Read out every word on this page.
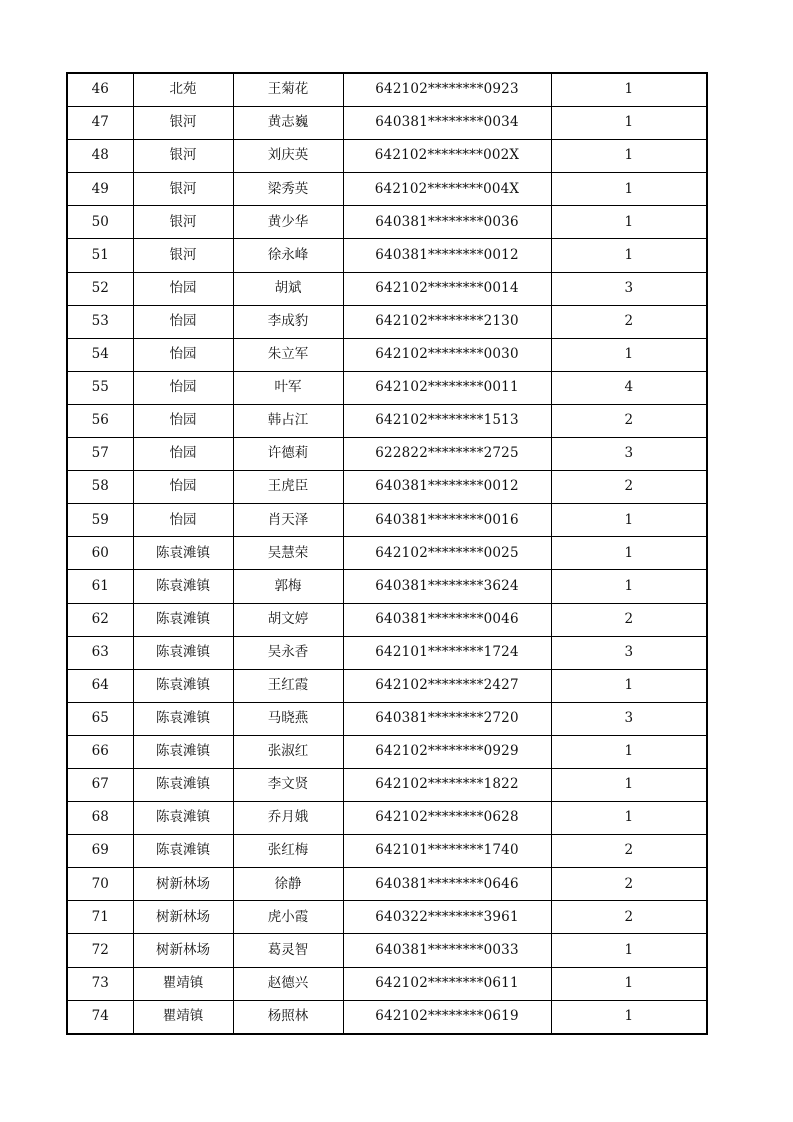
46	北苑	王菊花	642102********0923	1
47	银河	黄志巍	640381********0034	1
48	银河	刘庆英	642102********002X	1
49	银河	梁秀英	642102********004X	1
50	银河	黄少华	640381********0036	1
51	银河	徐永峰	640381********0012	1
52	怡园	胡斌	642102********0014	3
53	怡园	李成豹	642102********2130	2
54	怡园	朱立军	642102********0030	1
55	怡园	叶军	642102********0011	4
56	怡园	韩占江	642102********1513	2
57	怡园	许德莉	622822********2725	3
58	怡园	王虎臣	640381********0012	2
59	怡园	肖天泽	640381********0016	1
60	陈袁滩镇	吴慧荣	642102********0025	1
61	陈袁滩镇	郭梅	640381********3624	1
62	陈袁滩镇	胡文婷	640381********0046	2
63	陈袁滩镇	吴永香	642101********1724	3
64	陈袁滩镇	王红霞	642102********2427	1
65	陈袁滩镇	马晓燕	640381********2720	3
66	陈袁滩镇	张淑红	642102********0929	1
67	陈袁滩镇	李文贤	642102********1822	1
68	陈袁滩镇	乔月娥	642102********0628	1
69	陈袁滩镇	张红梅	642101********1740	2
70	树新林场	徐静	640381********0646	2
71	树新林场	虎小霞	640322********3961	2
72	树新林场	葛灵智	640381********0033	1
73	瞿靖镇	赵德兴	642102********0611	1
74	瞿靖镇	杨照林	642102********0619	1
